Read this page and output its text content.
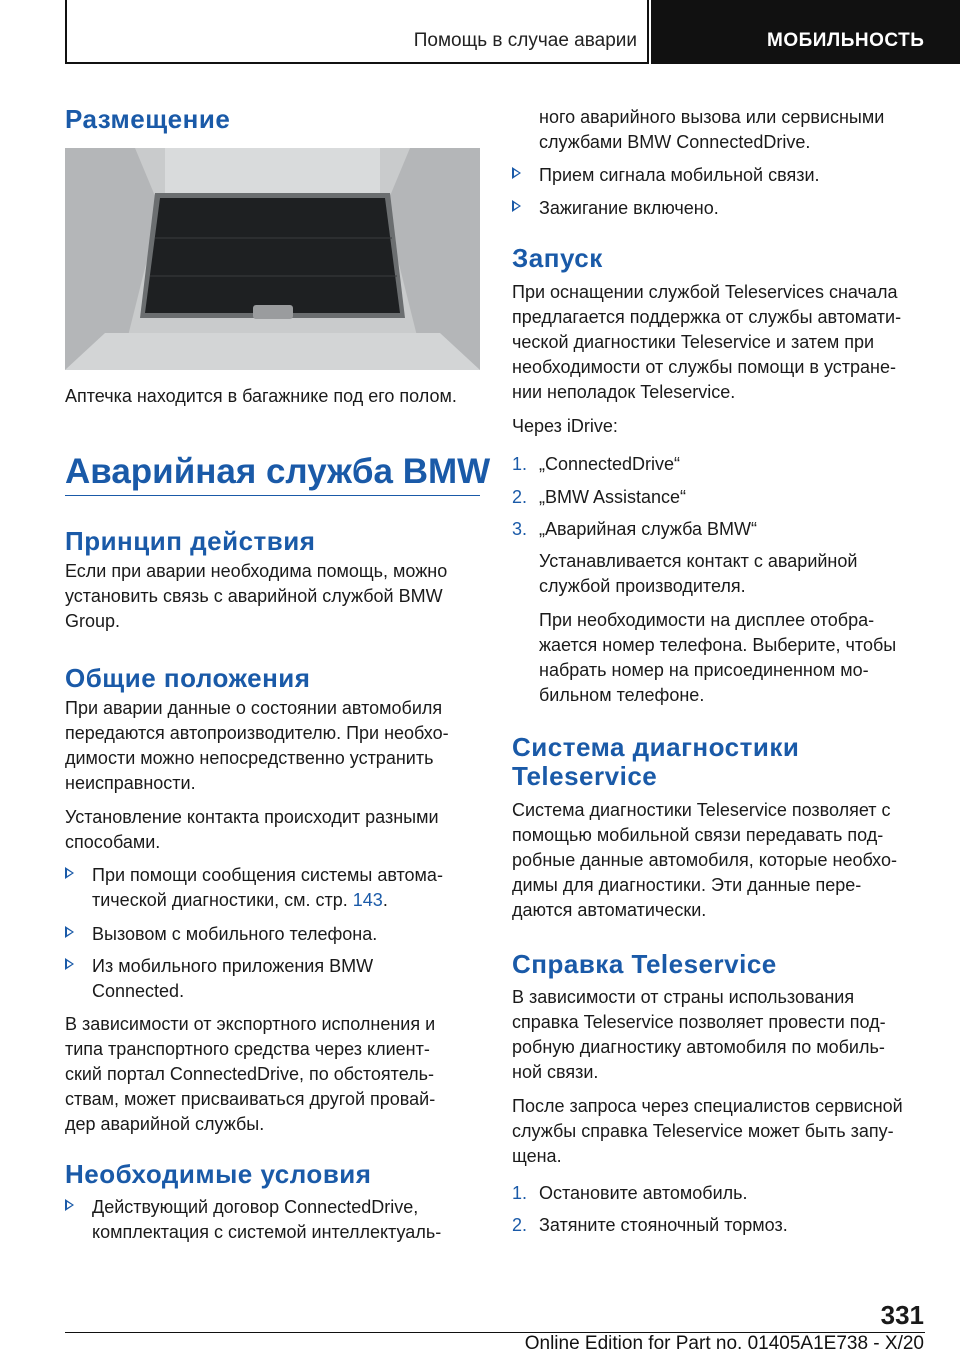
Помощь в случае аварии	МОБИЛЬНОСТЬ
Размещение

Аптечка находится в багажнике под его полом.

Аварийная служба BMW
Принцип действия

Если при аварии необходима помощь, можно
установить связь с аварийной службой BMW
Group.

Общие положения

При аварии данные о состоянии автомобиля
передаются автопроизводителю. При необхо-
димости можно непосредственно устранить
неисправности.

Установление контакта происходит разными
способами.

При помощи сообщения системы автома-
тической диагностики, см. стр. 143.
Вызовом с мобильного телефона.
Из мобильного приложения BMW
Connected.

В зависимости от экспортного исполнения и
типа транспортного средства через клиент-
ский портал ConnectedDrive, по обстоятель-
ствам, может присваиваться другой провай-
дер аварийной службы.

Необходимые условия
Действующий договор ConnectedDrive,
комплектация с системой интеллектуаль-

ного аварийного вызова или сервисными
службами BMW ConnectedDrive.

Прием сигнала мобильной связи.
Зажигание включено.
Запуск

При оснащении службой Teleservices сначала
предлагается поддержка от службы автомати-
ческой диагностики Teleservice и затем при
необходимости от службы помощи в устране-
нии неполадок Teleservice.

Через iDrive:

1. „ConnectedDrive“
2. „BMW Assistance“
3. „Аварийная служба BMW“

Устанавливается контакт с аварийной
службой производителя.

При необходимости на дисплее отобра-
жается номер телефона. Выберите, чтобы
набрать номер на присоединенном мо-
бильном телефоне.

Система диагностики
Teleservice

Система диагностики Teleservice позволяет с
помощью мобильной связи передавать под-
робные данные автомобиля, которые необхо-
димы для диагностики. Эти данные пере-
даются автоматически.

Справка Teleservice

В зависимости от страны использования
справка Teleservice позволяет провести под-
робную диагностику автомобиля по мобиль-
ной связи.

После запроса через специалистов сервисной
службы справка Teleservice может быть запу-
щена.

1. Остановите автомобиль.
2. Затяните стояночный тормоз.
331
Online Edition for Part no. 01405A1E738 - X/20
